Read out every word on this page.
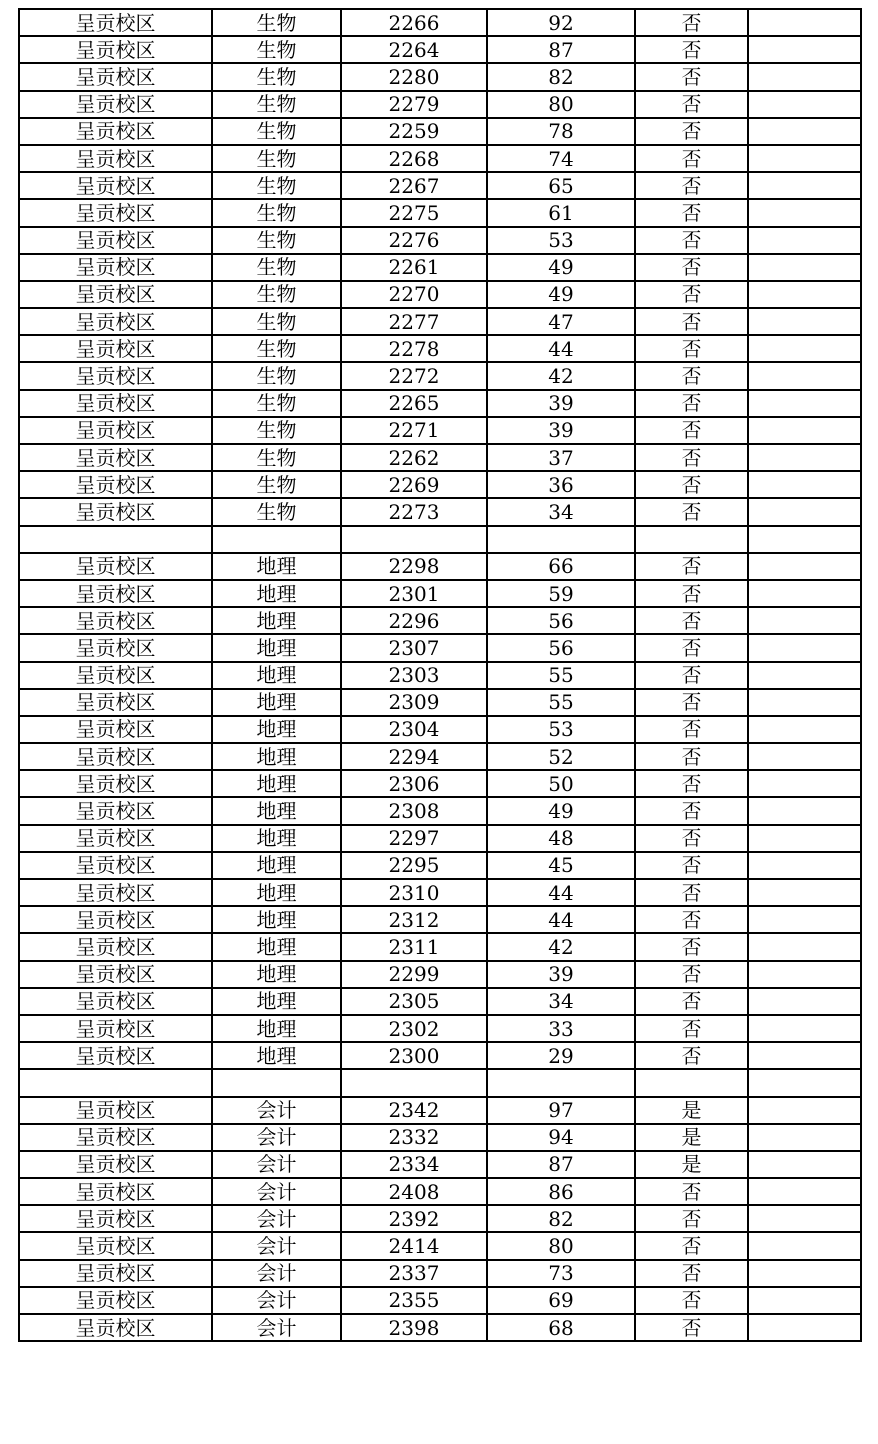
呈贡校区	生物	2266	92	否	
呈贡校区	生物	2264	87	否	
呈贡校区	生物	2280	82	否	
呈贡校区	生物	2279	80	否	
呈贡校区	生物	2259	78	否	
呈贡校区	生物	2268	74	否	
呈贡校区	生物	2267	65	否	
呈贡校区	生物	2275	61	否	
呈贡校区	生物	2276	53	否	
呈贡校区	生物	2261	49	否	
呈贡校区	生物	2270	49	否	
呈贡校区	生物	2277	47	否	
呈贡校区	生物	2278	44	否	
呈贡校区	生物	2272	42	否	
呈贡校区	生物	2265	39	否	
呈贡校区	生物	2271	39	否	
呈贡校区	生物	2262	37	否	
呈贡校区	生物	2269	36	否	
呈贡校区	生物	2273	34	否	

呈贡校区	地理	2298	66	否	
呈贡校区	地理	2301	59	否	
呈贡校区	地理	2296	56	否	
呈贡校区	地理	2307	56	否	
呈贡校区	地理	2303	55	否	
呈贡校区	地理	2309	55	否	
呈贡校区	地理	2304	53	否	
呈贡校区	地理	2294	52	否	
呈贡校区	地理	2306	50	否	
呈贡校区	地理	2308	49	否	
呈贡校区	地理	2297	48	否	
呈贡校区	地理	2295	45	否	
呈贡校区	地理	2310	44	否	
呈贡校区	地理	2312	44	否	
呈贡校区	地理	2311	42	否	
呈贡校区	地理	2299	39	否	
呈贡校区	地理	2305	34	否	
呈贡校区	地理	2302	33	否	
呈贡校区	地理	2300	29	否	

呈贡校区	会计	2342	97	是	
呈贡校区	会计	2332	94	是	
呈贡校区	会计	2334	87	是	
呈贡校区	会计	2408	86	否	
呈贡校区	会计	2392	82	否	
呈贡校区	会计	2414	80	否	
呈贡校区	会计	2337	73	否	
呈贡校区	会计	2355	69	否	
呈贡校区	会计	2398	68	否	
